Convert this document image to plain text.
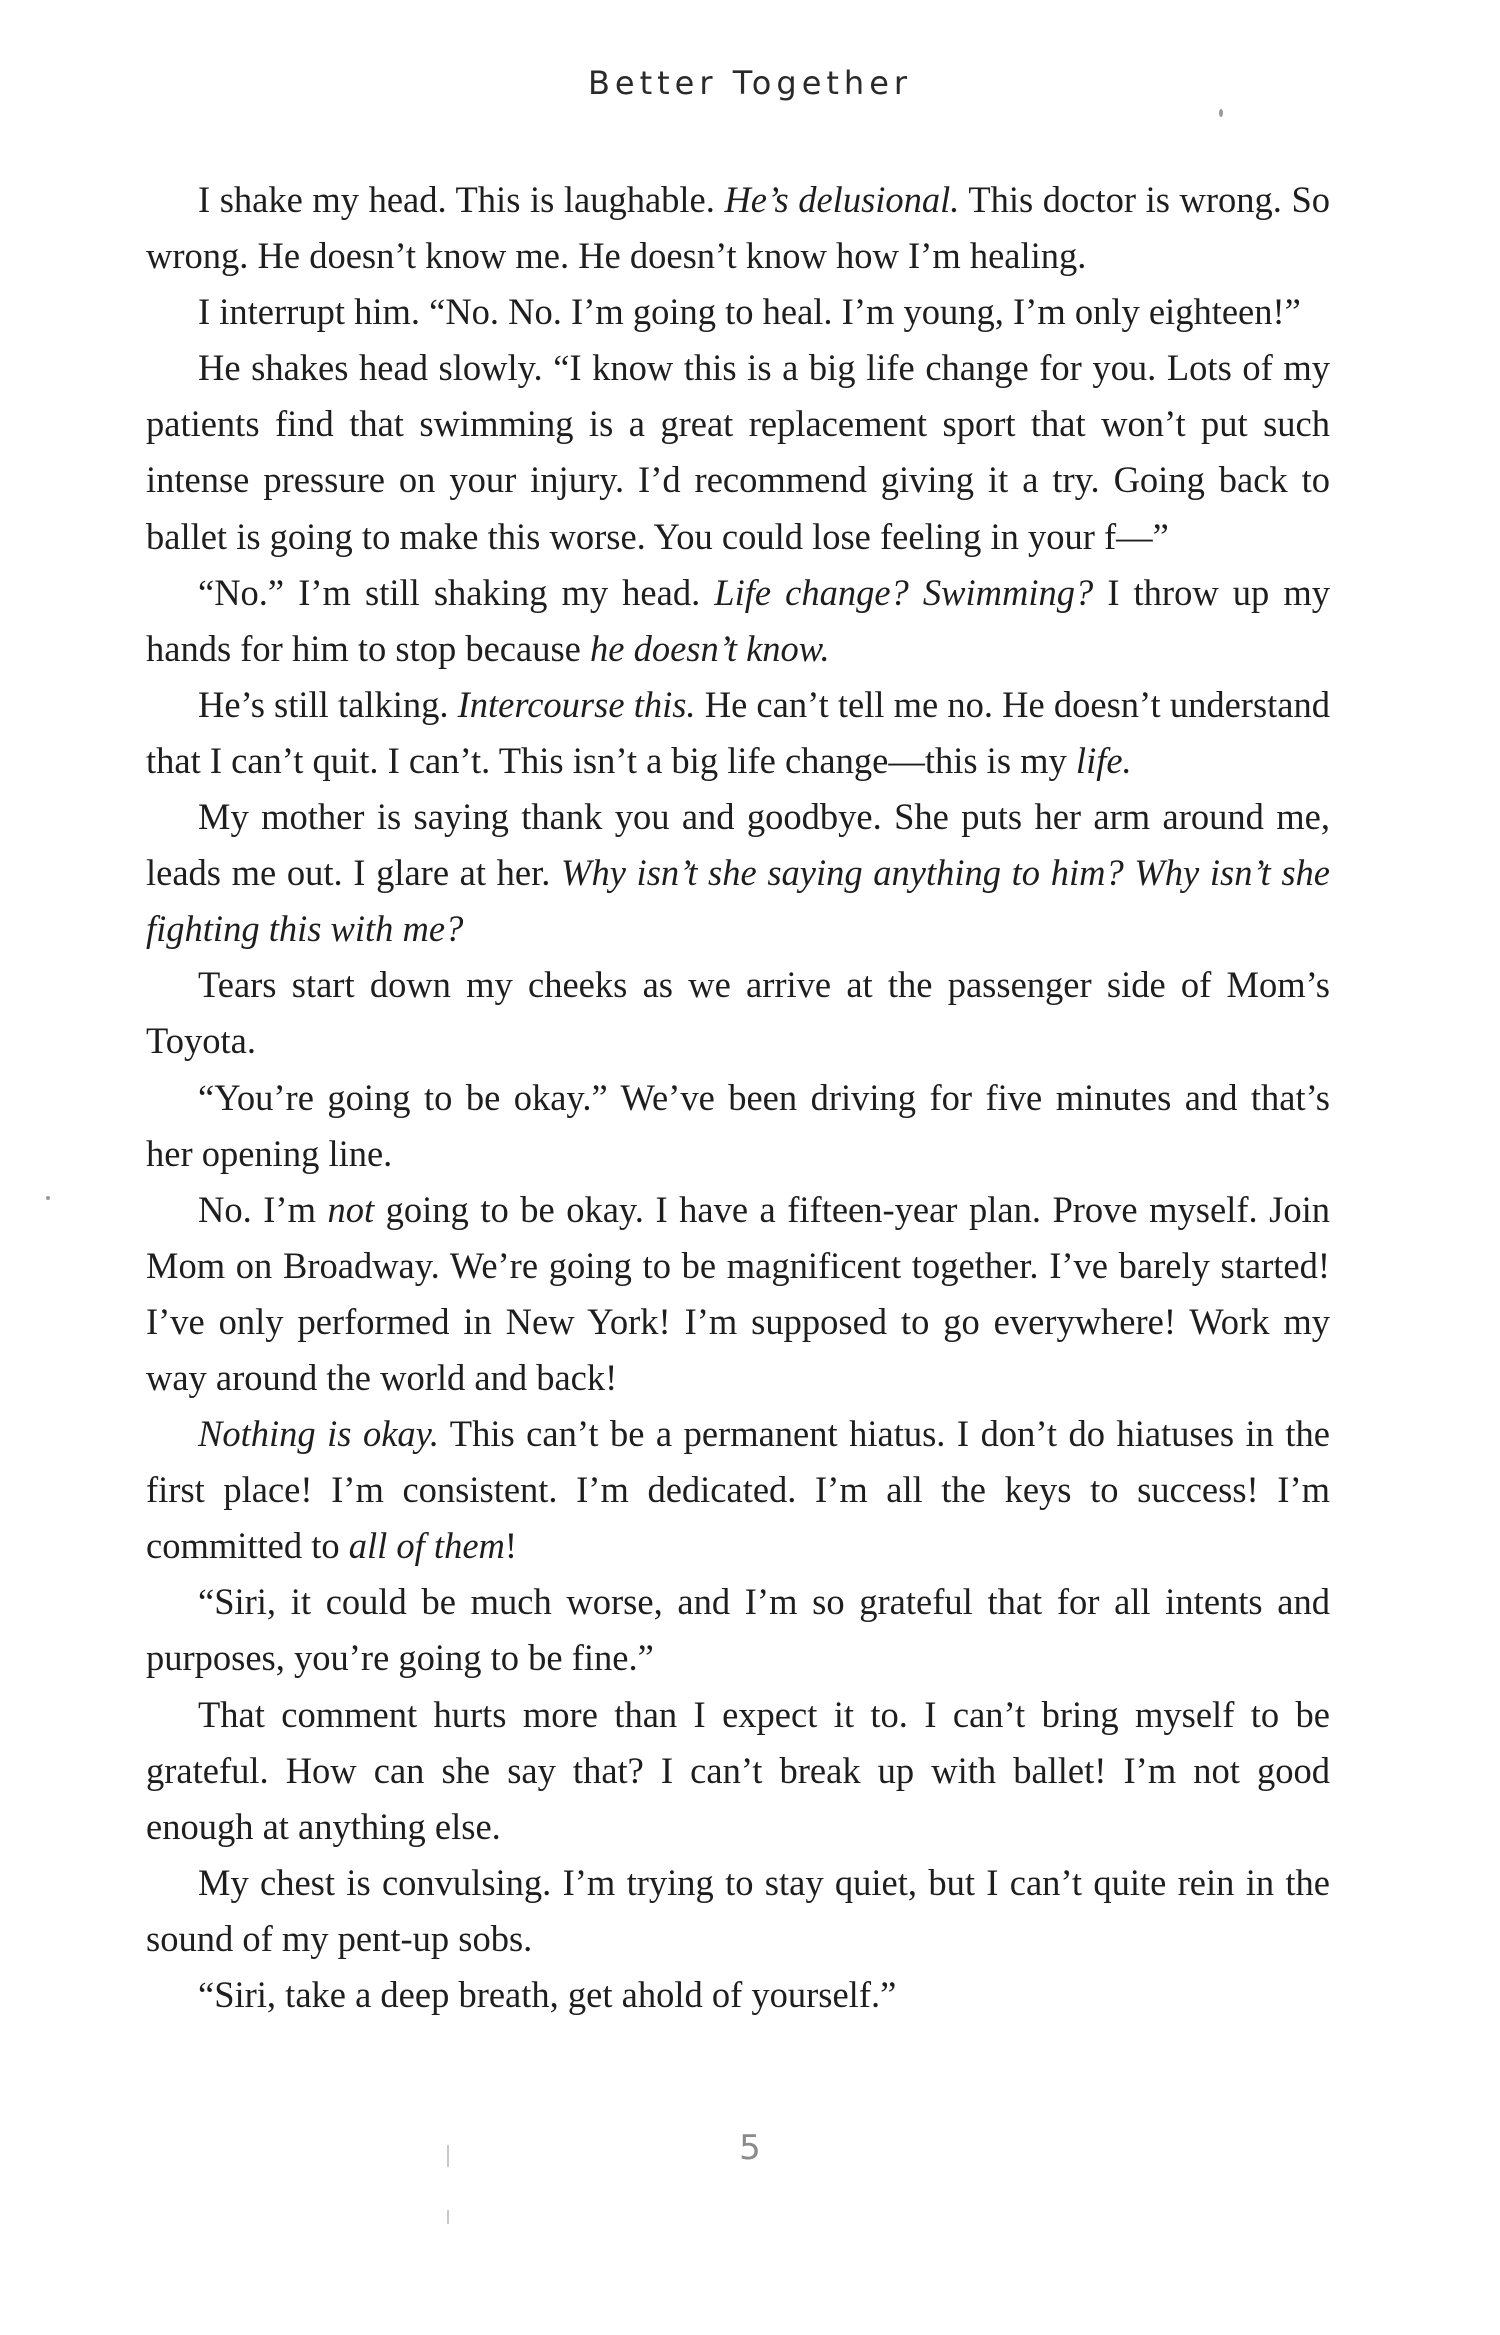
Better Together

I shake my head. This is laughable. He’s delusional. This doctor is wrong. So wrong. He doesn’t know me. He doesn’t know how I’m healing.

I interrupt him. “No. No. I’m going to heal. I’m young, I’m only eighteen!”

He shakes head slowly. “I know this is a big life change for you. Lots of my patients find that swimming is a great replacement sport that won’t put such intense pressure on your injury. I’d recommend giving it a try. Going back to ballet is going to make this worse. You could lose feeling in your f—”

“No.” I’m still shaking my head. Life change? Swimming? I throw up my hands for him to stop because he doesn’t know.

He’s still talking. Intercourse this. He can’t tell me no. He doesn’t understand that I can’t quit. I can’t. This isn’t a big life change—this is my life.

My mother is saying thank you and goodbye. She puts her arm around me, leads me out. I glare at her. Why isn’t she saying anything to him? Why isn’t she fighting this with me?

Tears start down my cheeks as we arrive at the passenger side of Mom’s Toyota.

“You’re going to be okay.” We’ve been driving for five minutes and that’s her opening line.

No. I’m not going to be okay. I have a fifteen-year plan. Prove myself. Join Mom on Broadway. We’re going to be magnificent together. I’ve barely started! I’ve only performed in New York! I’m supposed to go everywhere! Work my way around the world and back!

Nothing is okay. This can’t be a permanent hiatus. I don’t do hiatuses in the first place! I’m consistent. I’m dedicated. I’m all the keys to success! I’m committed to all of them!

“Siri, it could be much worse, and I’m so grateful that for all intents and purposes, you’re going to be fine.”

That comment hurts more than I expect it to. I can’t bring myself to be grateful. How can she say that? I can’t break up with ballet! I’m not good enough at anything else.

My chest is convulsing. I’m trying to stay quiet, but I can’t quite rein in the sound of my pent-up sobs.

“Siri, take a deep breath, get ahold of yourself.”

5
